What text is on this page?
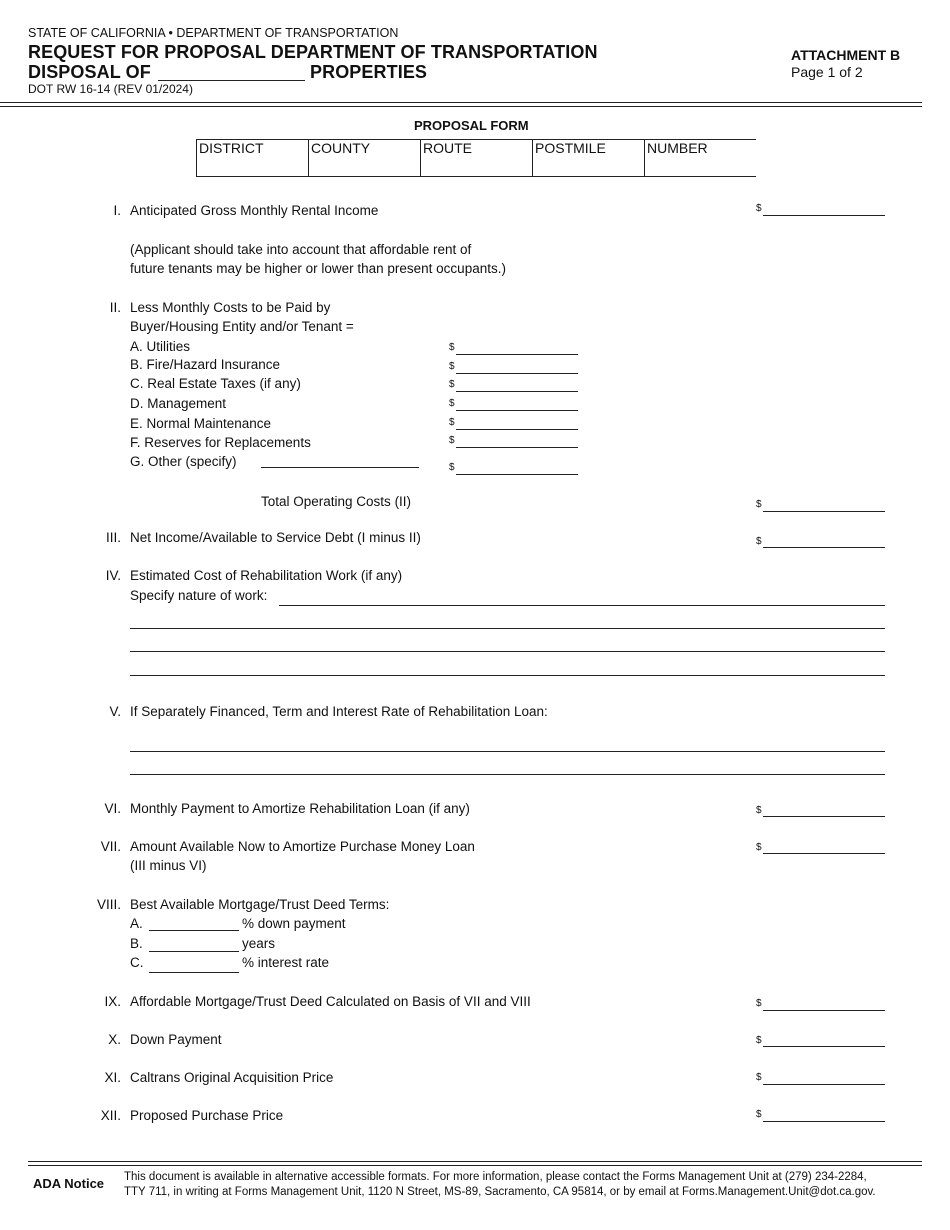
STATE OF CALIFORNIA • DEPARTMENT OF TRANSPORTATION
REQUEST FOR PROPOSAL DEPARTMENT OF TRANSPORTATION
DISPOSAL OF	PROPERTIES
DOT RW 16-14 (REV 01/2024)
ATTACHMENT B
Page 1 of 2
PROPOSAL FORM
DISTRICT	COUNTY	ROUTE	POSTMILE	NUMBER
I. Anticipated Gross Monthly Rental Income	$
(Applicant should take into account that affordable rent of
future tenants may be higher or lower than present occupants.)
II. Less Monthly Costs to be Paid by
Buyer/Housing Entity and/or Tenant =
A. Utilities	$
B. Fire/Hazard Insurance	$
C. Real Estate Taxes (if any)	$
D. Management	$
E. Normal Maintenance	$
F. Reserves for Replacements	$
G. Other (specify)	$
Total Operating Costs (II)	$
III. Net Income/Available to Service Debt (I minus II)	$
IV. Estimated Cost of Rehabilitation Work (if any)
Specify nature of work:
V. If Separately Financed, Term and Interest Rate of Rehabilitation Loan:
VI. Monthly Payment to Amortize Rehabilitation Loan (if any)	$
VII. Amount Available Now to Amortize Purchase Money Loan
(III minus VI)
$
VIII. Best Available Mortgage/Trust Deed Terms:
A.	% down payment
B.	years
C.	% interest rate
IX. Affordable Mortgage/Trust Deed Calculated on Basis of VII and VIII	$
X. Down Payment	$
XI. Caltrans Original Acquisition Price	$
XII. Proposed Purchase Price	$
ADA Notice This document is available in alternative accessible formats. For more information, please contact the Forms Management Unit at (279) 234-2284,
TTY 711, in writing at Forms Management Unit, 1120 N Street, MS-89, Sacramento, CA 95814, or by email at Forms.Management.Unit@dot.ca.gov.
